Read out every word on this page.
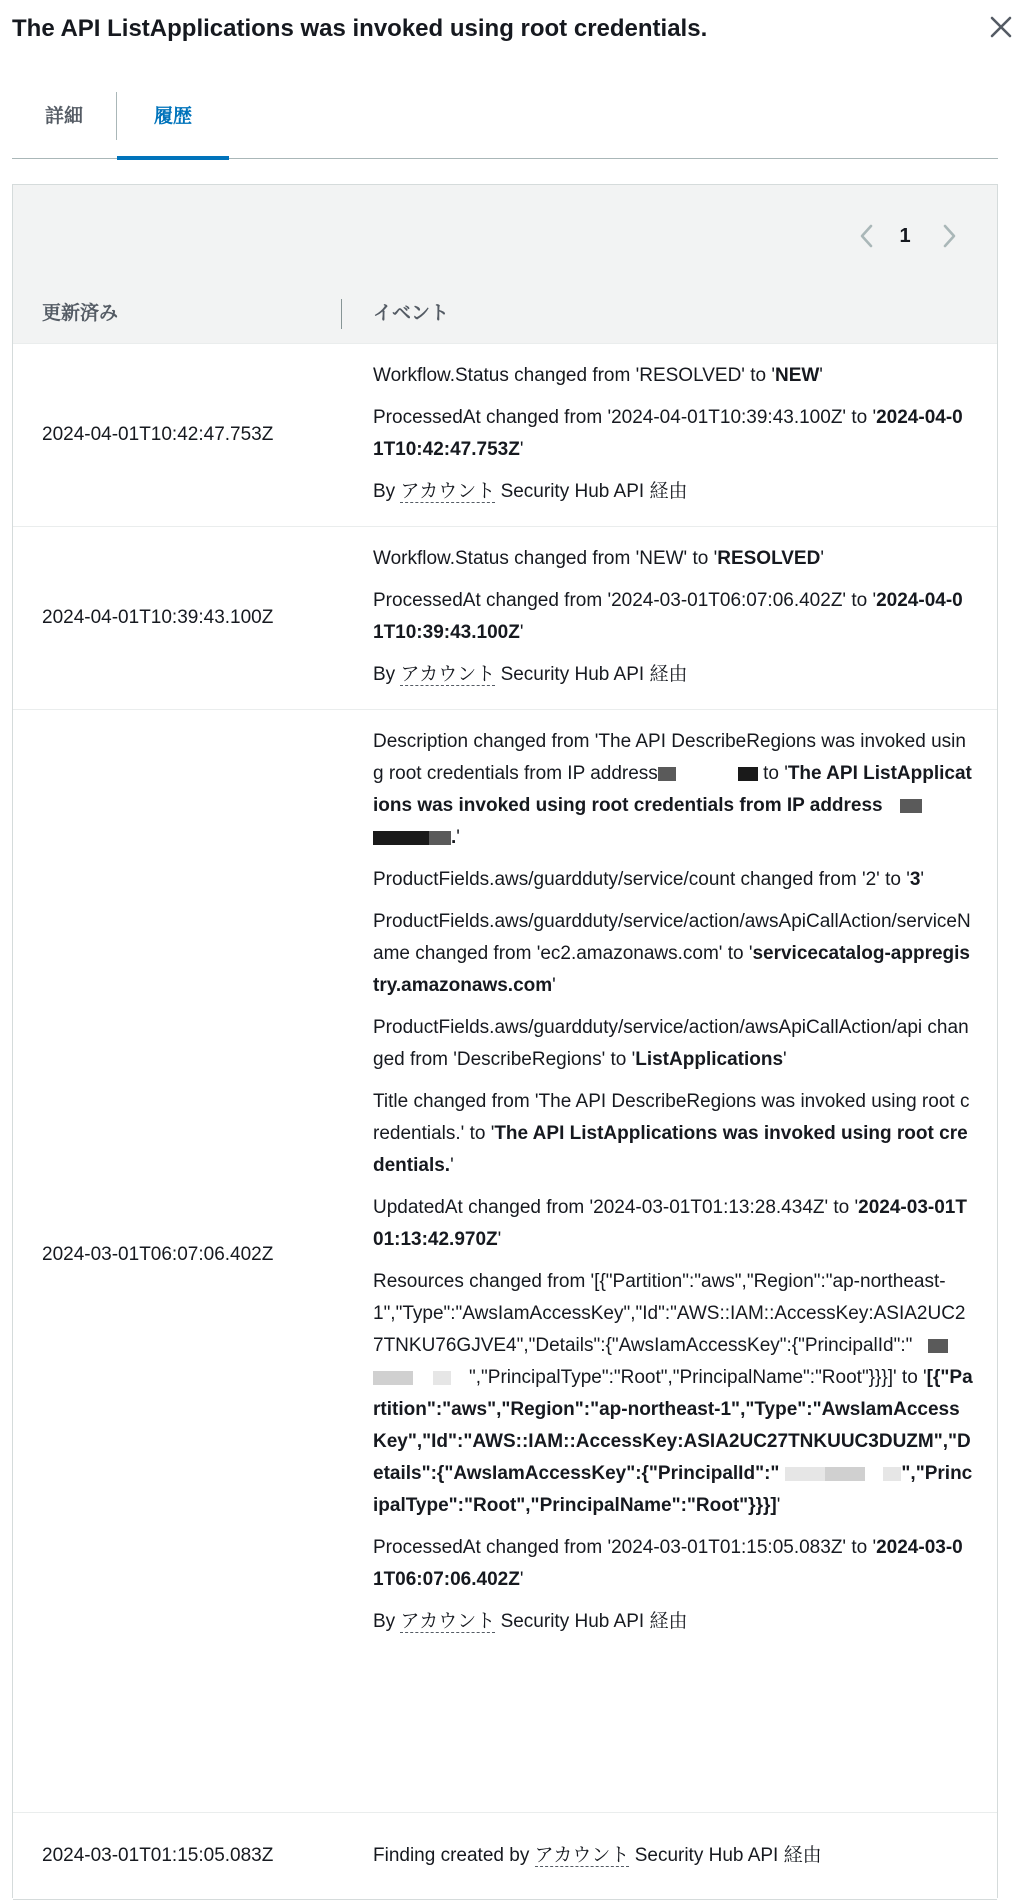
The API ListApplications was invoked using root credentials.
詳細	履歴
1
更新済み	イベント
2024-04-01T10:42:47.753Z
Workflow.Status changed from 'RESOLVED' to 'NEW'
ProcessedAt changed from '2024-04-01T10:39:43.100Z' to '2024-04-01T10:42:47.753Z'
By アカウント Security Hub API 経由
2024-04-01T10:39:43.100Z
Workflow.Status changed from 'NEW' to 'RESOLVED'
ProcessedAt changed from '2024-03-01T06:07:06.402Z' to '2024-04-01T10:39:43.100Z'
By アカウント Security Hub API 経由
2024-03-01T06:07:06.402Z
Description changed from 'The API DescribeRegions was invoked using root credentials from IP address	to 'The API ListApplications was invoked using root credentials from IP address .'
ProductFields.aws/guardduty/service/count changed from '2' to '3'
ProductFields.aws/guardduty/service/action/awsApiCallAction/serviceName changed from 'ec2.amazonaws.com' to 'servicecatalog-appregistry.amazonaws.com'
ProductFields.aws/guardduty/service/action/awsApiCallAction/api changed from 'DescribeRegions' to 'ListApplications'
Title changed from 'The API DescribeRegions was invoked using root credentials.' to 'The API ListApplications was invoked using root credentials.'
UpdatedAt changed from '2024-03-01T01:13:28.434Z' to '2024-03-01T01:13:42.970Z'
Resources changed from '[{"Partition":"aws","Region":"ap-northeast-1","Type":"AwsIamAccessKey","Id":"AWS::IAM::AccessKey:ASIA2UC27TNKU76GJVE4","Details":{"AwsIamAccessKey":{"PrincipalId":"","PrincipalType":"Root","PrincipalName":"Root"}}}]' to '[{"Partition":"aws","Region":"ap-northeast-1","Type":"AwsIamAccessKey","Id":"AWS::IAM::AccessKey:ASIA2UC27TNKUUC3DUZM","Details":{"AwsIamAccessKey":{"PrincipalId":"	","PrincipalType":"Root","PrincipalName":"Root"}}}]'
ProcessedAt changed from '2024-03-01T01:15:05.083Z' to '2024-03-01T06:07:06.402Z'
By アカウント Security Hub API 経由
2024-03-01T01:15:05.083Z	Finding created by アカウント Security Hub API 経由
